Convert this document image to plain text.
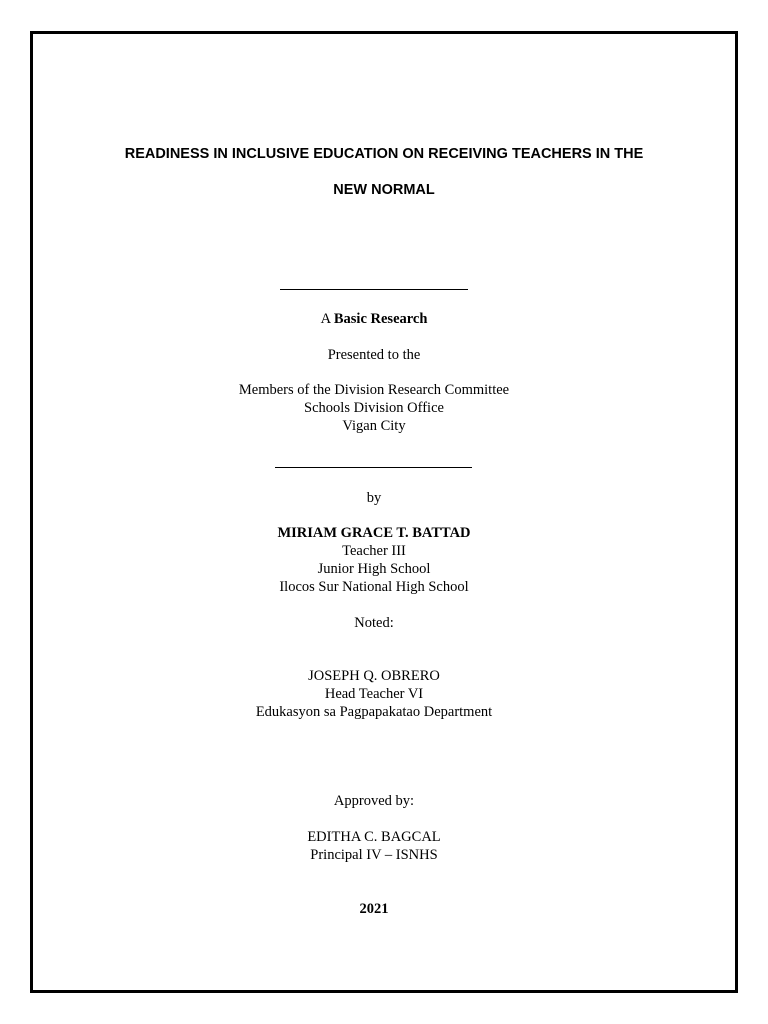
READINESS IN INCLUSIVE EDUCATION ON RECEIVING TEACHERS IN THE
NEW NORMAL
A Basic Research
Presented to the
Members of the Division Research Committee
Schools Division Office
Vigan City
by
MIRIAM GRACE T. BATTAD
Teacher III
Junior High School
Ilocos Sur National High School
Noted:
JOSEPH Q. OBRERO
Head Teacher VI
Edukasyon sa Pagpapakatao Department
Approved by:
EDITHA C. BAGCAL
Principal IV – ISNHS
2021
